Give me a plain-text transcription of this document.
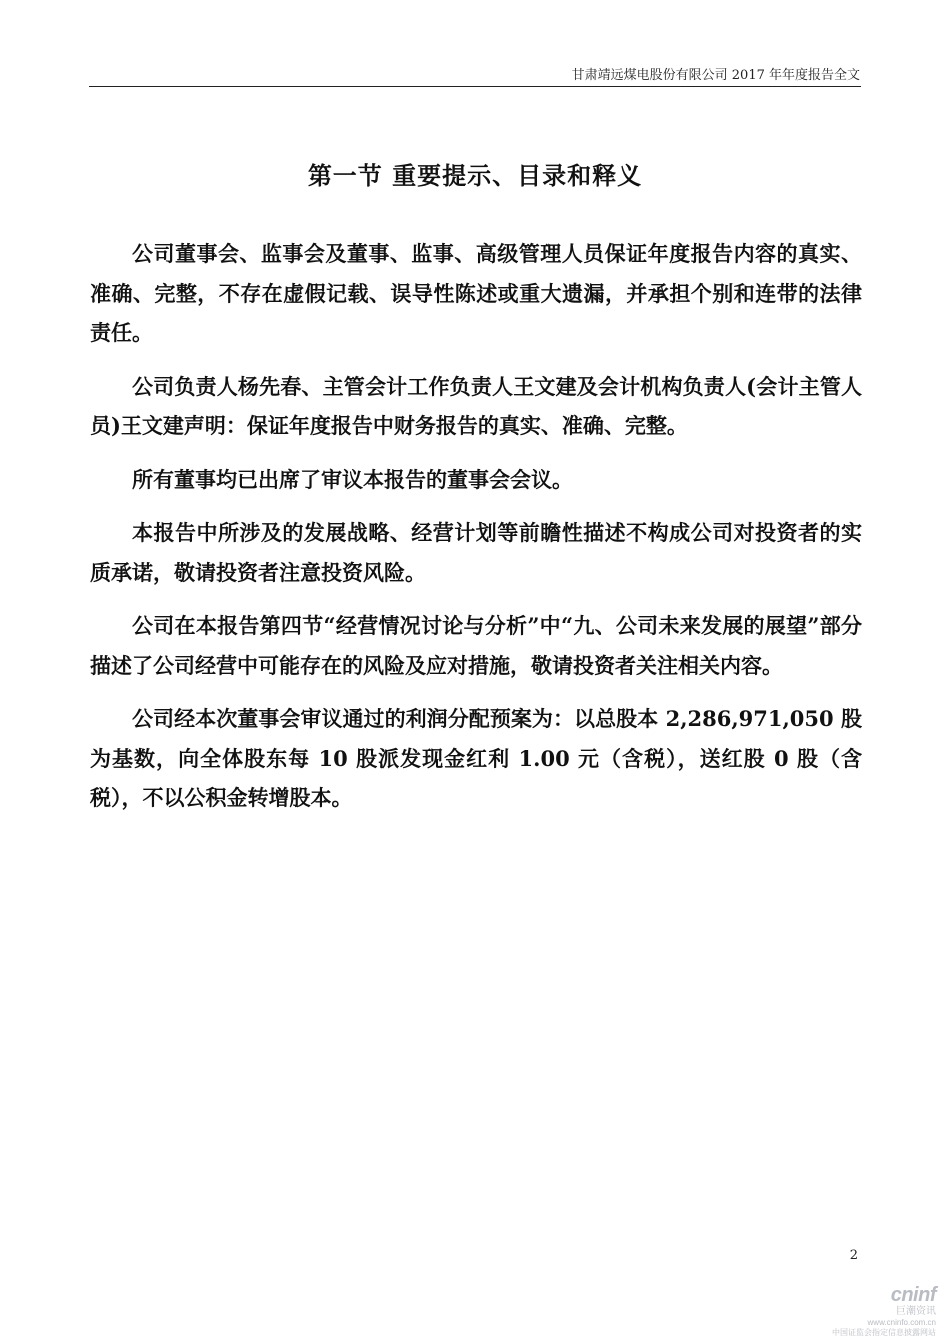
甘肃靖远煤电股份有限公司 2017 年年度报告全文
第一节 重要提示、目录和释义

公司董事会、监事会及董事、监事、高级管理人员保证年度报告内容的真实、准确、完整，不存在虚假记载、误导性陈述或重大遗漏，并承担个别和连带的法律责任。

公司负责人杨先春、主管会计工作负责人王文建及会计机构负责人(会计主管人员)王文建声明：保证年度报告中财务报告的真实、准确、完整。

所有董事均已出席了审议本报告的董事会会议。

本报告中所涉及的发展战略、经营计划等前瞻性描述不构成公司对投资者的实质承诺，敬请投资者注意投资风险。

公司在本报告第四节“经营情况讨论与分析”中“九、公司未来发展的展望”部分描述了公司经营中可能存在的风险及应对措施，敬请投资者关注相关内容。

公司经本次董事会审议通过的利润分配预案为：以总股本 2,286,971,050 股为基数，向全体股东每 10 股派发现金红利 1.00 元（含税），送红股 0 股（含税），不以公积金转增股本。

2
cninf
巨潮资讯
www.cninfo.com.cn
中国证监会指定信息披露网站
